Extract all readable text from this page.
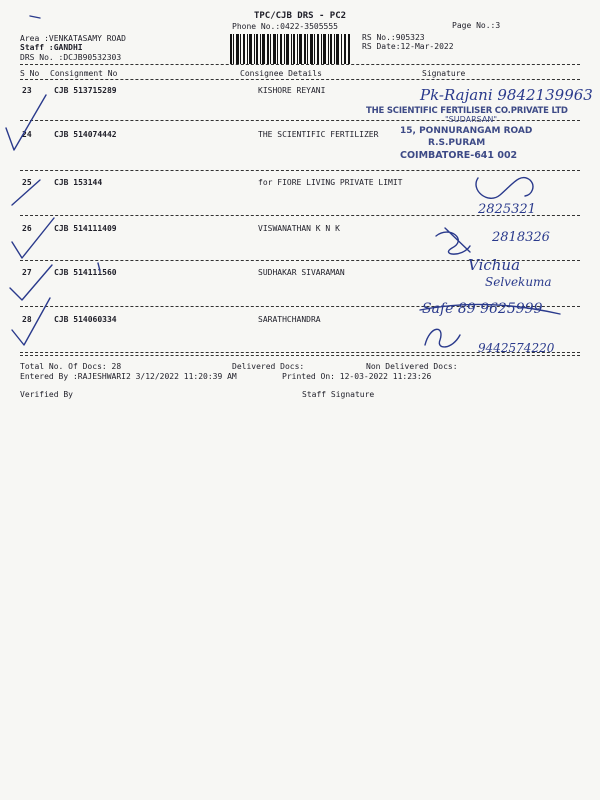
TPC/CJB DRS - PC2
Phone No.:0422-3505555	Page No.:3
Area :VENKATASAMY ROAD
Staff :GANDHI
DRS No. :DCJB90532303
RS No.:905323
RS Date:12-Mar-2022
S No Consignment No	Consignee Details	Signature
23	CJB 513715289	KISHORE REYANI
24	CJB 514074442	THE SCIENTIFIC FERTILIZER
25	CJB 153144	for FIORE LIVING PRIVATE LIMIT
26	CJB 514111409	VISWANATHAN K N K
27	CJB 514111560	SUDHAKAR SIVARAMAN
28	CJB 514060334	SARATHCHANDRA
THE SCIENTIFIC FERTILISER CO.PRIVATE LTD
"SUDARSAN"
15, PONNURANGAM ROAD
R.S.PURAM
COIMBATORE-641 002
Pk-Rajani 9842139963
2825321
2818326
Vichua
Selvekuma
Safe 89 9625999
9442574220
Total No. Of Docs: 28	Delivered Docs:	Non Delivered Docs:
Entered By :RAJESHWARI2 3/12/2022 11:20:39 AM	Printed On: 12-03-2022 11:23:26
Verified By	Staff Signature
